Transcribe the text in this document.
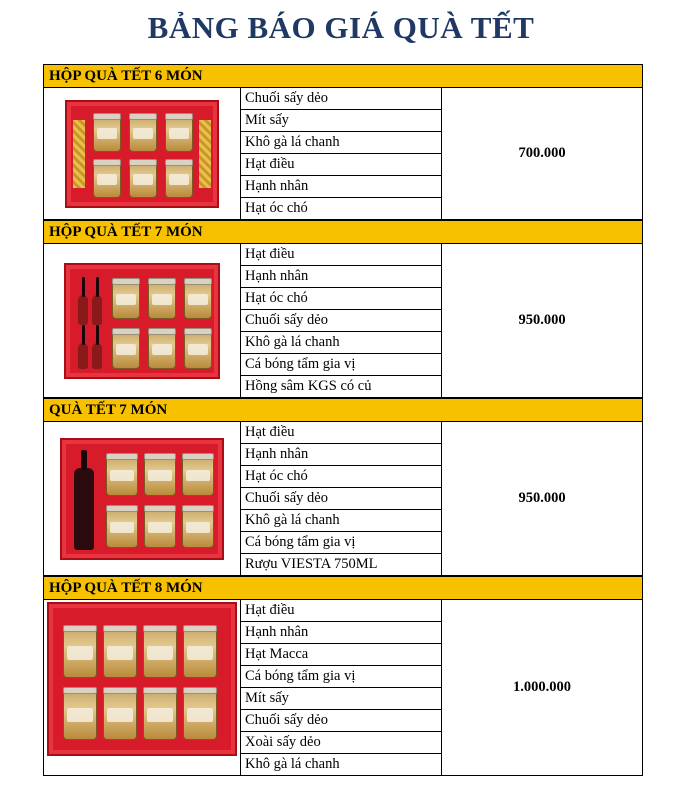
BẢNG BÁO GIÁ QUÀ TẾT
HỘP QUÀ TẾT 6 MÓN
Chuối sấy dẻo
Mít sấy
Khô gà lá chanh
Hạt điều
Hạnh nhân
Hạt óc chó
700.000
HỘP QUÀ TẾT 7 MÓN
Hạt điều
Hạnh nhân
Hạt óc chó
Chuối sấy dẻo
Khô gà lá chanh
Cá bóng tẩm gia vị
Hồng sâm KGS có củ
950.000
QUÀ TẾT 7 MÓN
Hạt điều
Hạnh nhân
Hạt óc chó
Chuối sấy dẻo
Khô gà lá chanh
Cá bóng tẩm gia vị
Rượu VIESTA 750ML
950.000
HỘP QUÀ TẾT 8 MÓN
Hạt điều
Hạnh nhân
Hạt Macca
Cá bóng tẩm gia vị
Mít sấy
Chuối sấy dẻo
Xoài sấy dẻo
Khô gà lá chanh
1.000.000
